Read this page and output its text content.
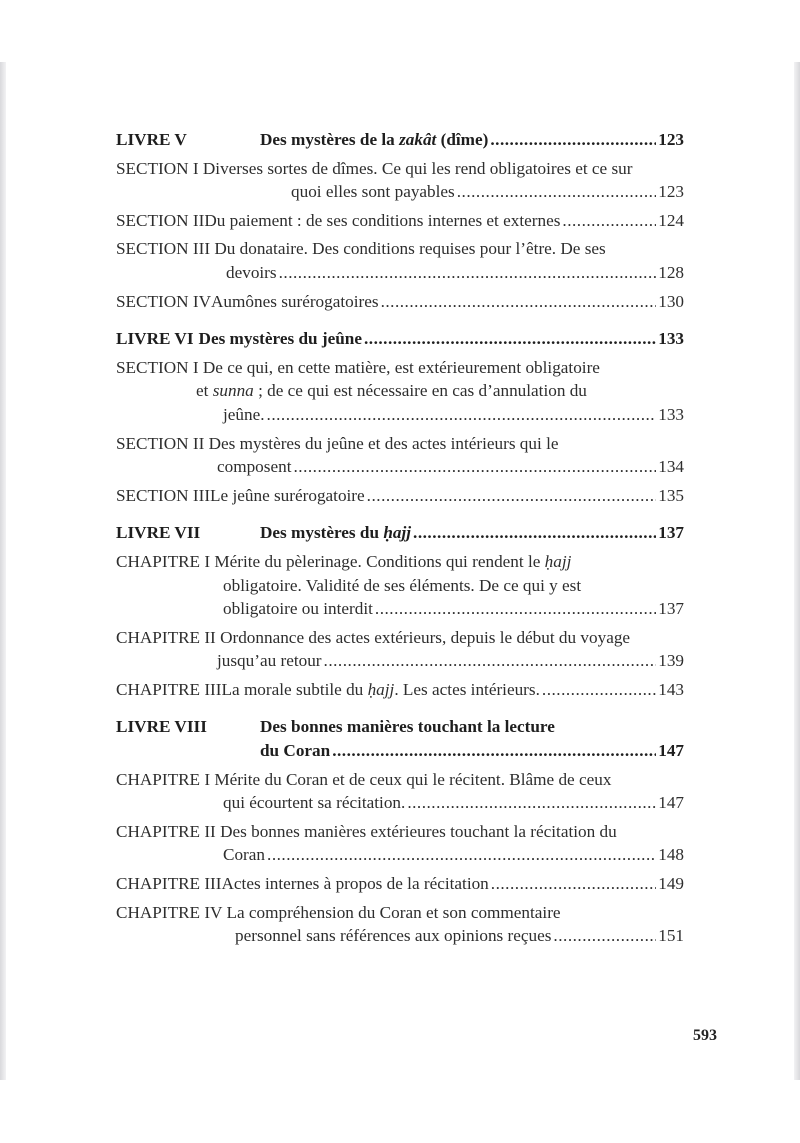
LIVRE V	Des mystères de la zakât (dîme) .....	123
SECTION I Diverses sortes de dîmes. Ce qui les rend obligatoires et ce sur
quoi elles sont payables .....	123
SECTION II Du paiement : de ses conditions internes et externes .....	124
SECTION III Du donataire. Des conditions requises pour l’être. De ses
devoirs .....	128
SECTION IV Aumônes surérogatoires .....	130
LIVRE VI Des mystères du jeûne .....	133
SECTION I De ce qui, en cette matière, est extérieurement obligatoire
et sunna ; de ce qui est nécessaire en cas d’annulation du
jeûne. .....	133
SECTION II Des mystères du jeûne et des actes intérieurs qui le
composent .....	134
SECTION III Le jeûne surérogatoire .....	135
LIVRE VII	Des mystères du ḥajj .....	137
CHAPITRE I Mérite du pèlerinage. Conditions qui rendent le ḥajj
obligatoire. Validité de ses éléments. De ce qui y est
obligatoire ou interdit .....	137
CHAPITRE II Ordonnance des actes extérieurs, depuis le début du voyage
jusqu’au retour .....	139
CHAPITRE III La morale subtile du ḥajj. Les actes intérieurs. .....	143
LIVRE VIII	Des bonnes manières touchant la lecture
du Coran .....	147
CHAPITRE I Mérite du Coran et de ceux qui le récitent. Blâme de ceux
qui écourtent sa récitation. .....	147
CHAPITRE II Des bonnes manières extérieures touchant la récitation du
Coran .....	148
CHAPITRE III Actes internes à propos de la récitation .....	149
CHAPITRE IV La compréhension du Coran et son commentaire
personnel sans références aux opinions reçues .....	151
593
